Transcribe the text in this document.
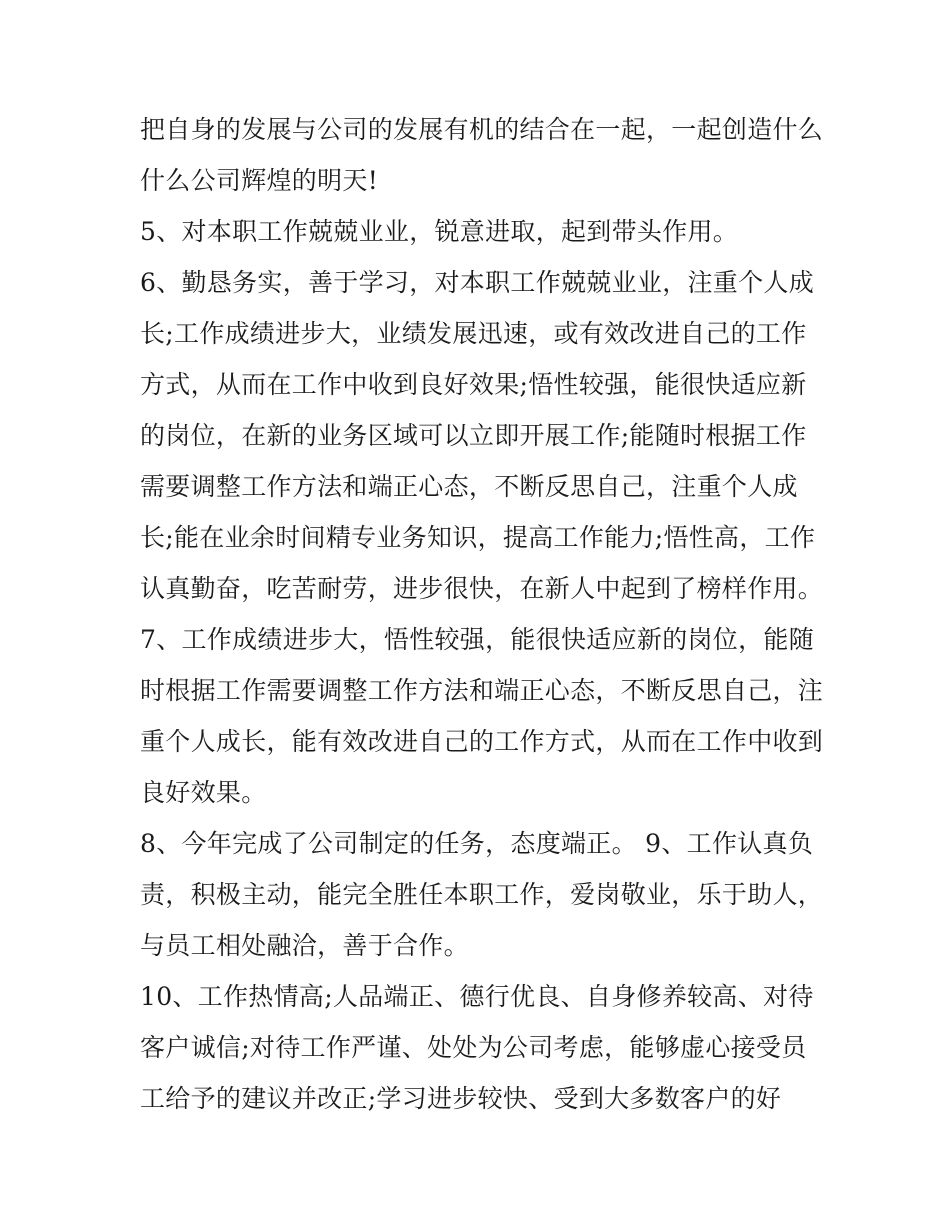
把自身的发展与公司的发展有机的结合在一起，一起创造什么
什么公司辉煌的明天!
5、对本职工作兢兢业业，锐意进取，起到带头作用。
6、勤恳务实，善于学习，对本职工作兢兢业业，注重个人成
长;工作成绩进步大，业绩发展迅速，或有效改进自己的工作
方式，从而在工作中收到良好效果;悟性较强，能很快适应新
的岗位，在新的业务区域可以立即开展工作;能随时根据工作
需要调整工作方法和端正心态，不断反思自己，注重个人成
长;能在业余时间精专业务知识，提高工作能力;悟性高，工作
认真勤奋，吃苦耐劳，进步很快，在新人中起到了榜样作用。
7、工作成绩进步大，悟性较强，能很快适应新的岗位，能随
时根据工作需要调整工作方法和端正心态，不断反思自己，注
重个人成长，能有效改进自己的工作方式，从而在工作中收到
良好效果。
8、今年完成了公司制定的任务，态度端正。 9、工作认真负
责，积极主动，能完全胜任本职工作，爱岗敬业，乐于助人，
与员工相处融洽，善于合作。
10、工作热情高;人品端正、德行优良、自身修养较高、对待
客户诚信;对待工作严谨、处处为公司考虑，能够虚心接受员
工给予的建议并改正;学习进步较快、受到大多数客户的好
